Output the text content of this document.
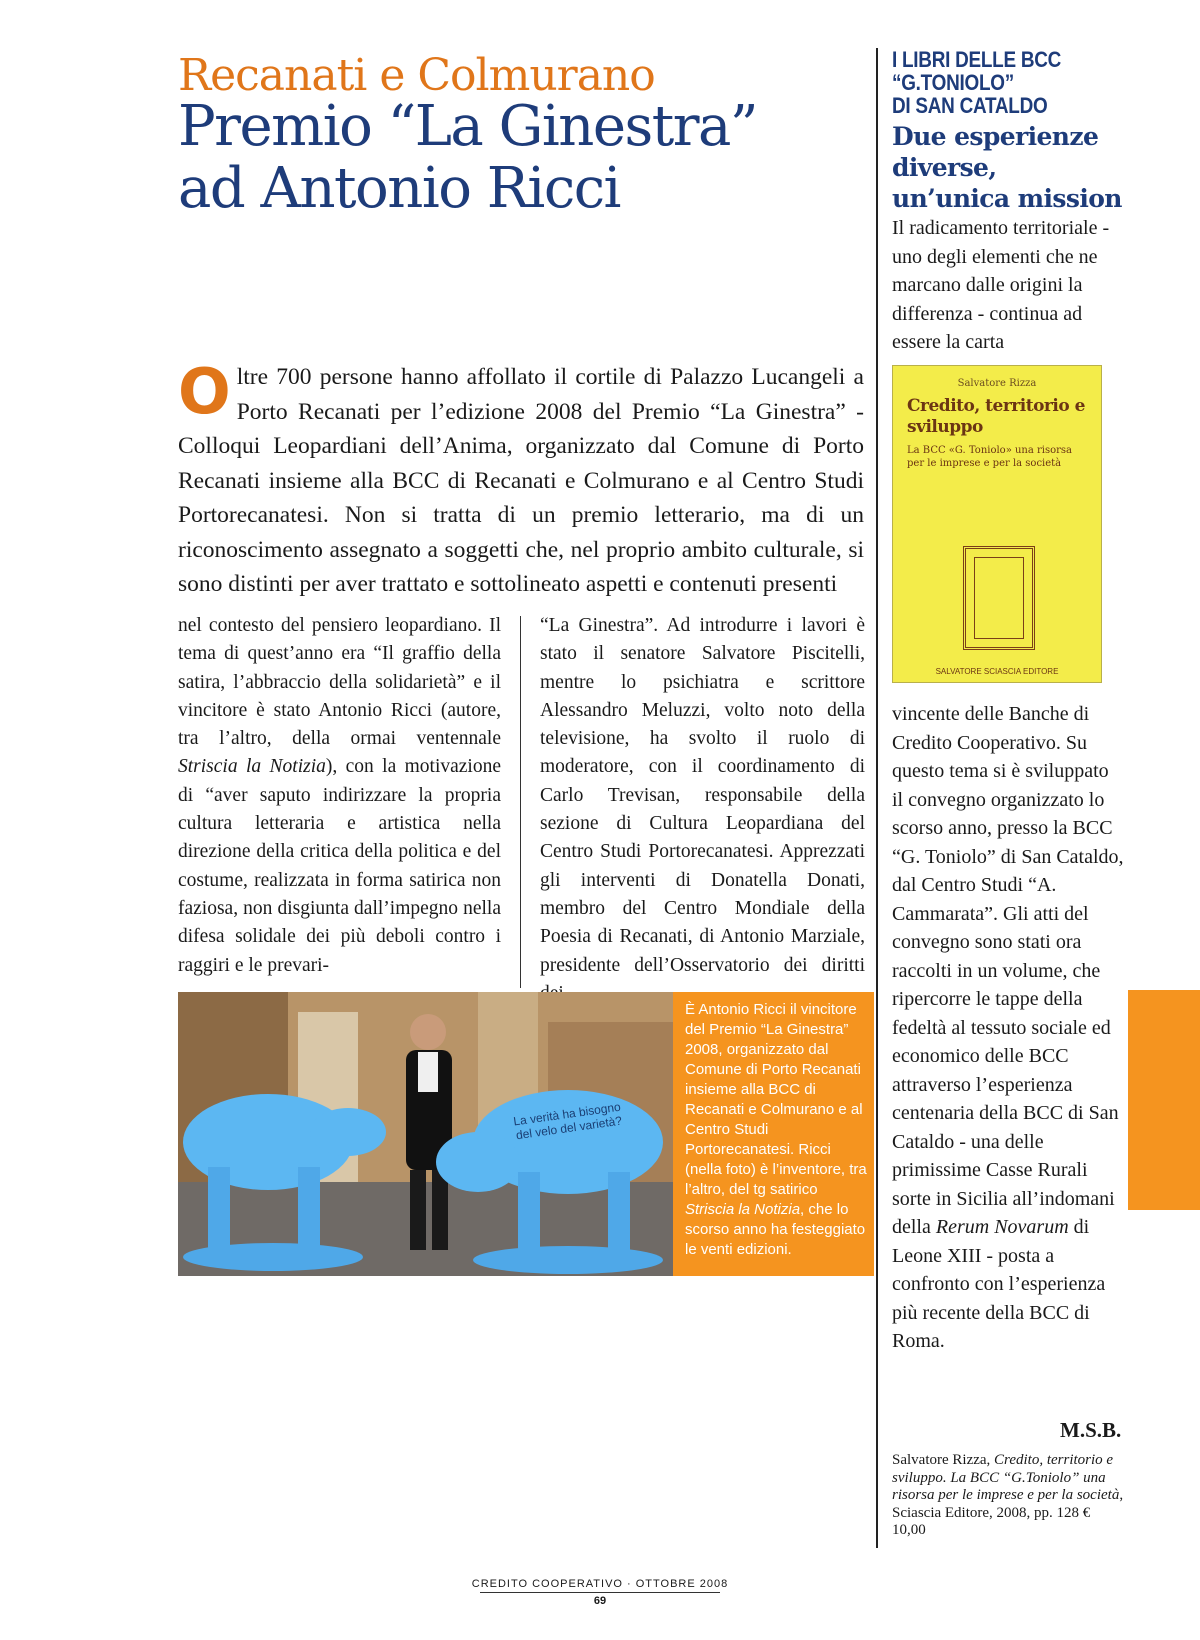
Recanati e Colmurano
Premio “La Ginestra” ad Antonio Ricci
Oltre 700 persone hanno affollato il cortile di Palazzo Lucangeli a Porto Recanati per l’edizione 2008 del Premio “La Ginestra” - Colloqui Leopardiani dell’Anima, organizzato dal Comune di Porto Recanati insieme alla BCC di Recanati e Colmurano e al Centro Studi Portorecanatesi. Non si tratta di un premio letterario, ma di un riconoscimento assegnato a soggetti che, nel proprio ambito culturale, si sono distinti per aver trattato e sottolineato aspetti e contenuti presenti
nel contesto del pensiero leopardiano. Il tema di quest’anno era “Il graffio della satira, l’abbraccio della solidarietà” e il vincitore è stato Antonio Ricci (autore, tra l’altro, della ormai ventennale Striscia la Notizia), con la motivazione di “aver saputo indirizzare la propria cultura letteraria e artistica nella direzione della critica della politica e del costume, realizzata in forma satirica non faziosa, non disgiunta dall’impegno nella difesa solidale dei più deboli contro i raggiri e le prevari-
“La Ginestra”. Ad introdurre i lavori è stato il senatore Salvatore Piscitelli, mentre lo psichiatra e scrittore Alessandro Meluzzi, volto noto della televisione, ha svolto il ruolo di moderatore, con il coordinamento di Carlo Trevisan, responsabile della sezione di Cultura Leopardiana del Centro Studi Portorecanatesi. Apprezzati gli interventi di Donatella Donati, membro del Centro Mondiale della Poesia di Recanati, di Antonio Marziale, presidente dell’Osservatorio dei diritti
La verità ha bisogno del velo del varietà?
È Antonio Ricci il vincitore del Premio “La Ginestra” 2008, organizzato dal Comune di Porto Recanati insieme alla BCC di Recanati e Colmurano e al Centro Studi Portorecanatesi. Ricci (nella foto) è l’inventore, tra l’altro, del tg satirico Striscia la Notizia, che lo scorso anno ha festeggiato le venti edizioni.
I LIBRI DELLE BCC
“G.TONIOLO”
DI SAN CATALDO
Due esperienze diverse, un’unica mission
Il radicamento territoriale - uno degli elementi che ne marcano dalle origini la differenza - continua ad essere la carta
Salvatore Rizza
Credito, territorio e sviluppo
La BCC «G. Toniolo» una risorsa per le imprese e per la società
SALVATORE SCIASCIA EDITORE
vincente delle Banche di Credito Cooperativo. Su questo tema si è sviluppato il convegno organizzato lo scorso anno, presso la BCC “G. Toniolo” di San Cataldo, dal Centro Studi “A. Cammarata”. Gli atti del convegno sono stati ora raccolti in un volume, che ripercorre le tappe della fedeltà al tessuto sociale ed economico delle BCC attraverso l’esperienza centenaria della BCC di San Cataldo - una delle primissime Casse Rurali sorte in Sicilia all’indomani della Rerum Novarum di Leone XIII - posta a confronto con l’esperienza più recente della BCC di Roma.
M.S.B.
Salvatore Rizza, Credito, territorio e sviluppo. La BCC “G.Toniolo” una risorsa per le imprese e per la società, Sciascia Editore, 2008, pp. 128 € 10,00
CREDITO COOPERATIVO · OTTOBRE 2008
69
